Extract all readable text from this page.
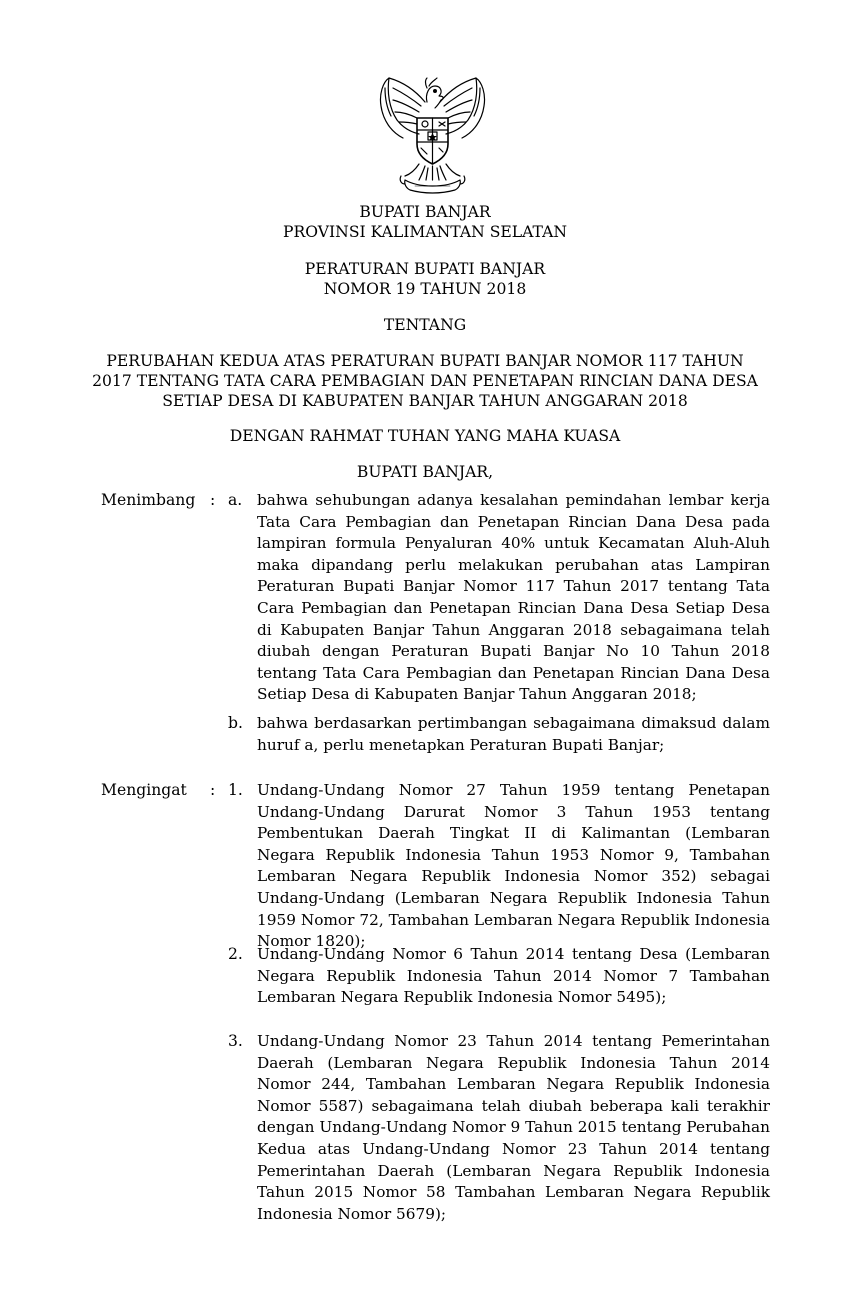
BUPATI BANJAR
PROVINSI KALIMANTAN SELATAN
PERATURAN BUPATI BANJAR
NOMOR 19 TAHUN 2018
TENTANG
PERUBAHAN KEDUA ATAS PERATURAN BUPATI BANJAR NOMOR 117 TAHUN
2017 TENTANG TATA CARA PEMBAGIAN DAN PENETAPAN RINCIAN DANA DESA
SETIAP DESA DI KABUPATEN BANJAR TAHUN ANGGARAN 2018
DENGAN RAHMAT TUHAN YANG MAHA KUASA
BUPATI BANJAR,
Menimbang : a. bahwa sehubungan adanya kesalahan pemindahan lembar kerja Tata Cara Pembagian dan Penetapan Rincian Dana Desa pada lampiran formula Penyaluran 40% untuk Kecamatan Aluh-Aluh maka dipandang perlu melakukan perubahan atas Lampiran Peraturan Bupati Banjar Nomor 117 Tahun 2017 tentang Tata Cara Pembagian dan Penetapan Rincian Dana Desa Setiap Desa di Kabupaten Banjar Tahun Anggaran 2018 sebagaimana telah diubah dengan Peraturan Bupati Banjar No 10 Tahun 2018 tentang Tata Cara Pembagian dan Penetapan Rincian Dana Desa Setiap Desa di Kabupaten Banjar Tahun Anggaran 2018;
b. bahwa berdasarkan pertimbangan sebagaimana dimaksud dalam huruf a, perlu menetapkan Peraturan Bupati Banjar;
Mengingat : 1. Undang-Undang Nomor 27 Tahun 1959 tentang Penetapan Undang-Undang Darurat Nomor 3 Tahun 1953 tentang Pembentukan Daerah Tingkat II di Kalimantan (Lembaran Negara Republik Indonesia Tahun 1953 Nomor 9, Tambahan Lembaran Negara Republik Indonesia Nomor 352) sebagai Undang-Undang (Lembaran Negara Republik Indonesia Tahun 1959 Nomor 72, Tambahan Lembaran Negara Republik Indonesia Nomor 1820);
2. Undang-Undang Nomor 6 Tahun 2014 tentang Desa (Lembaran Negara Republik Indonesia Tahun 2014 Nomor 7 Tambahan Lembaran Negara Republik Indonesia Nomor 5495);
3. Undang-Undang Nomor 23 Tahun 2014 tentang Pemerintahan Daerah (Lembaran Negara Republik Indonesia Tahun 2014 Nomor 244, Tambahan Lembaran Negara Republik Indonesia Nomor 5587) sebagaimana telah diubah beberapa kali terakhir dengan Undang-Undang Nomor 9 Tahun 2015 tentang Perubahan Kedua atas Undang-Undang Nomor 23 Tahun 2014 tentang Pemerintahan Daerah (Lembaran Negara Republik Indonesia Tahun 2015 Nomor 58 Tambahan Lembaran Negara Republik Indonesia Nomor 5679);
